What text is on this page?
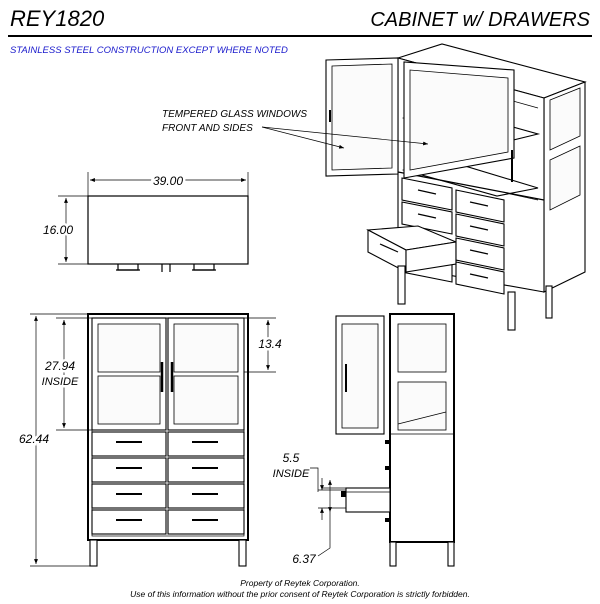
REY1820	CABINET w/ DRAWERS
STAINLESS STEEL CONSTRUCTION EXCEPT WHERE NOTED
TEMPERED GLASS WINDOWS
FRONT AND SIDES
39.00
16.00
62.44
27.94
INSIDE
13.4
5.5
INSIDE
6.37
Property of Reytek Corporation.
Use of this information without the prior consent of Reytek Corporation is strictly forbidden.
